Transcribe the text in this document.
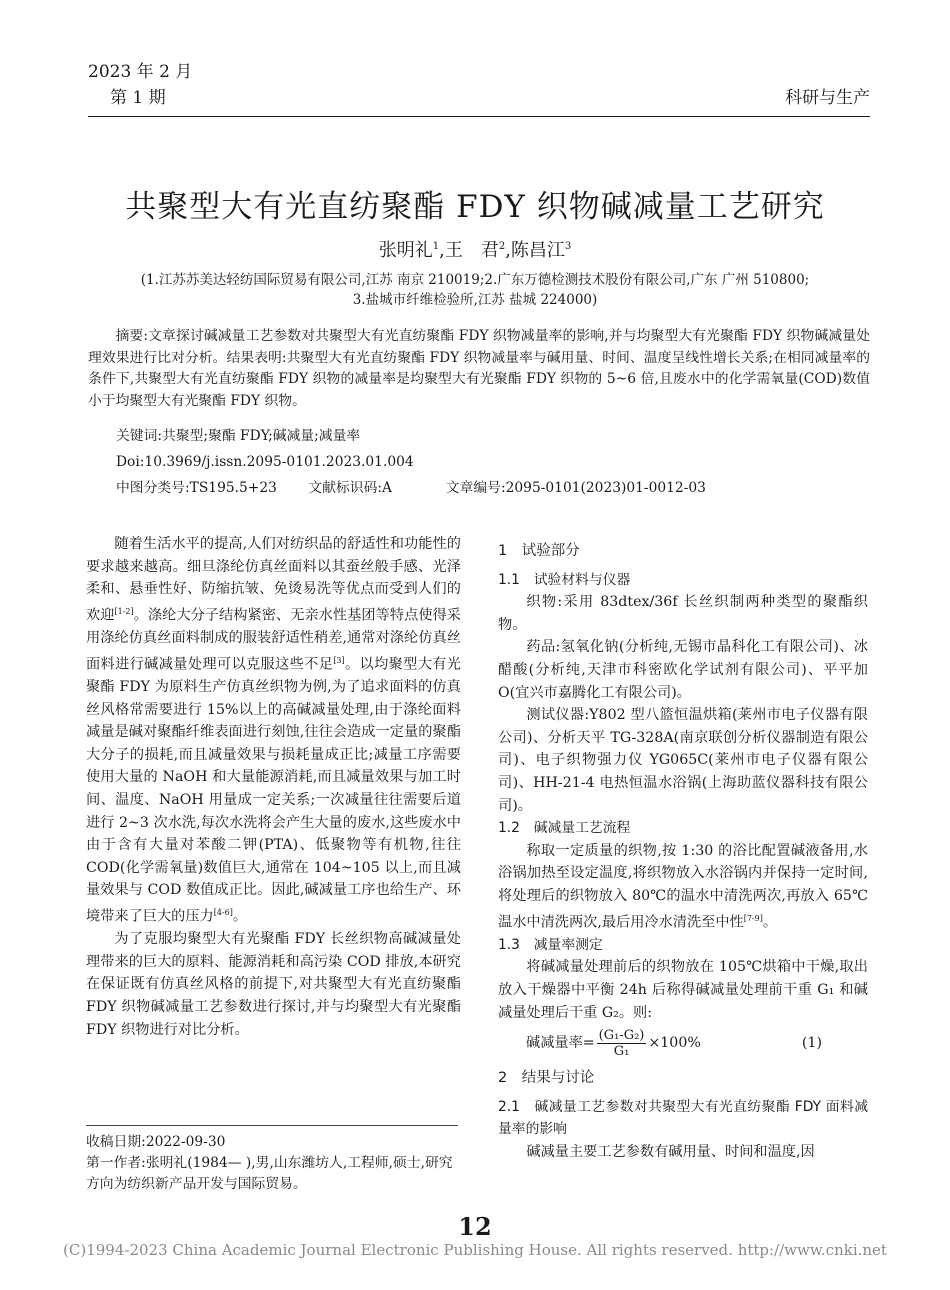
2023 年 2 月
第 1 期	科研与生产
共聚型大有光直纺聚酯 FDY 织物碱减量工艺研究
张明礼$^1$,王　君$^2$,陈昌江$^3$
(1.江苏苏美达轻纺国际贸易有限公司,江苏 南京 210019;2.广东万德检测技术股份有限公司,广东 广州 510800;
3.盐城市纤维检验所,江苏 盐城 224000)
摘要:文章探讨碱减量工艺参数对共聚型大有光直纺聚酯 FDY 织物减量率的影响,并与均聚型大有光聚酯 FDY 织物碱减量处理效果进行比对分析。结果表明:共聚型大有光直纺聚酯 FDY 织物减量率与碱用量、时间、温度呈线性增长关系;在相同减量率的条件下,共聚型大有光直纺聚酯 FDY 织物的减量率是均聚型大有光聚酯 FDY 织物的 5~6 倍,且废水中的化学需氧量(COD)数值小于均聚型大有光聚酯 FDY 织物。
关键词:共聚型;聚酯 FDY;碱减量;减量率
Doi:10.3969/j.issn.2095-0101.2023.01.004
中图分类号:TS195.5+23 文献标识码:A	文章编号:2095-0101(2023)01-0012-03

随着生活水平的提高,人们对纺织品的舒适性和功能性的要求越来越高。细旦涤纶仿真丝面料以其蚕丝般手感、光泽柔和、悬垂性好、防缩抗皱、免烫易洗等优点而受到人们的欢迎[1-2]。涤纶大分子结构紧密、无亲水性基团等特点使得采用涤纶仿真丝面料制成的服装舒适性稍差,通常对涤纶仿真丝面料进行碱减量处理可以克服这些不足[3]。以均聚型大有光聚酯 FDY 为原料生产仿真丝织物为例,为了追求面料的仿真丝风格常需要进行 15%以上的高碱减量处理,由于涤纶面料减量是碱对聚酯纤维表面进行刻蚀,往往会造成一定量的聚酯大分子的损耗,而且减量效果与损耗量成正比;减量工序需要使用大量的 NaOH 和大量能源消耗,而且减量效果与加工时间、温度、NaOH 用量成一定关系;一次减量往往需要后道进行 2~3 次水洗,每次水洗将会产生大量的废水,这些废水中由于含有大量对苯酸二钾(PTA)、低聚物等有机物,往往 COD(化学需氧量)数值巨大,通常在 104~105 以上,而且减量效果与 COD 数值成正比。因此,碱减量工序也给生产、环境带来了巨大的压力[4-6]。

为了克服均聚型大有光聚酯 FDY 长丝织物高碱减量处理带来的巨大的原料、能源消耗和高污染 COD 排放,本研究在保证既有仿真丝风格的前提下,对共聚型大有光直纺聚酯 FDY 织物碱减量工艺参数进行探讨,并与均聚型大有光聚酯 FDY 织物进行对比分析。

收稿日期:2022-09-30

第一作者:张明礼(1984— ),男,山东潍坊人,工程师,硕士,研究方向为纺织新产品开发与国际贸易。

1　试验部分
1.1　试验材料与仪器

织物:采用 83dtex/36f 长丝织制两种类型的聚酯织物。

药品:氢氧化钠(分析纯,无锡市晶科化工有限公司)、冰醋酸(分析纯,天津市科密欧化学试剂有限公司)、平平加 O(宜兴市嘉腾化工有限公司)。

测试仪器:Y802 型八篮恒温烘箱(莱州市电子仪器有限公司)、分析天平 TG-328A(南京联创分析仪器制造有限公司)、电子织物强力仪 YG065C(莱州市电子仪器有限公司)、HH-21-4 电热恒温水浴锅(上海助蓝仪器科技有限公司)。

1.2　碱减量工艺流程

称取一定质量的织物,按 1:30 的浴比配置碱液备用,水浴锅加热至设定温度,将织物放入水浴锅内并保持一定时间,将处理后的织物放入 80℃的温水中清洗两次,再放入 65℃温水中清洗两次,最后用冷水清洗至中性[7-9]。

1.3　减量率测定

将碱减量处理前后的织物放在 105℃烘箱中干燥,取出放入干燥器中平衡 24h 后称得碱减量处理前干重 G₁ 和碱减量处理后干重 G₂。则:

碱减量率= $\frac{\text{(G₁-G₂)}}{\text{G₁}} \times 100\%$	(1)
2　结果与讨论
2.1　碱减量工艺参数对共聚型大有光直纺聚酯 FDY 面料减量率的影响

碱减量主要工艺参数有碱用量、时间和温度,因

12
(C)1994-2023 China Academic Journal Electronic Publishing House. All rights reserved. http://www.cnki.net
